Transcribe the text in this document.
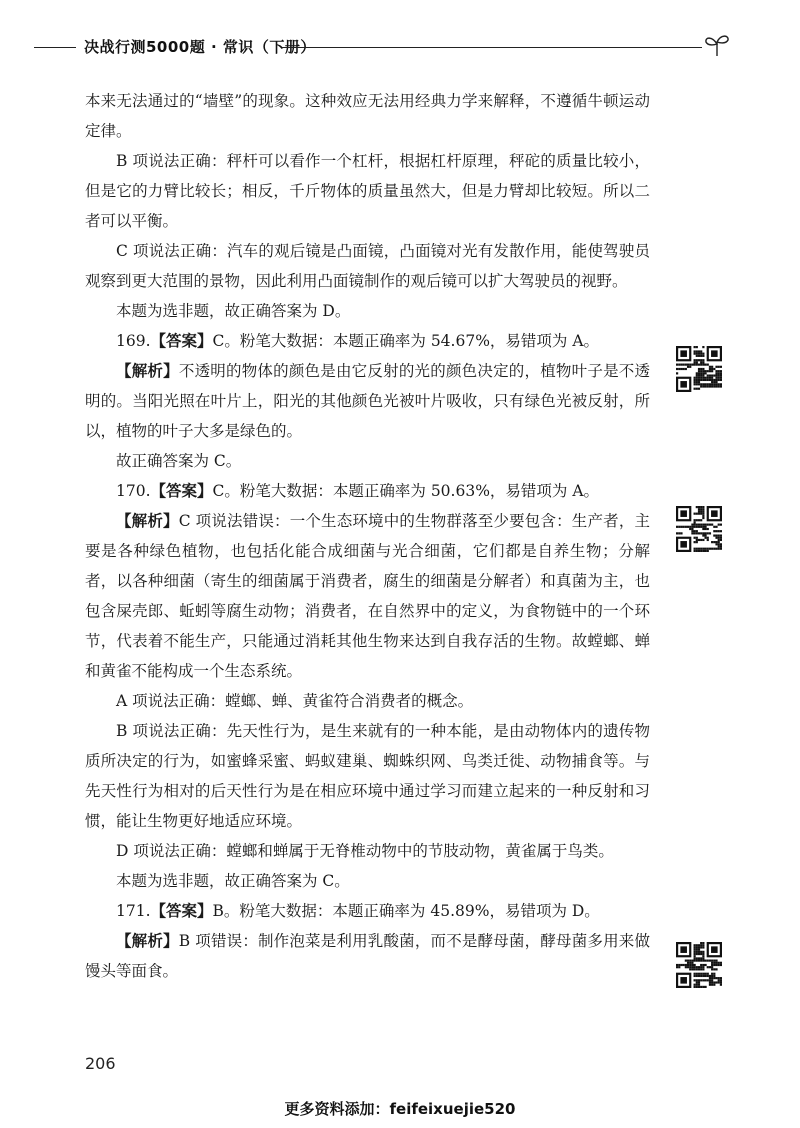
决战行测5000题 · 常识（下册）

本来无法通过的“墙壁”的现象。这种效应无法用经典力学来解释，不遵循牛顿运动定律。

B 项说法正确：秤杆可以看作一个杠杆，根据杠杆原理，秤砣的质量比较小，但是它的力臂比较长；相反，千斤物体的质量虽然大，但是力臂却比较短。所以二者可以平衡。

C 项说法正确：汽车的观后镜是凸面镜，凸面镜对光有发散作用，能使驾驶员观察到更大范围的景物，因此利用凸面镜制作的观后镜可以扩大驾驶员的视野。

本题为选非题，故正确答案为 D。

169.【答案】C。粉笔大数据：本题正确率为 54.67%，易错项为 A。

【解析】不透明的物体的颜色是由它反射的光的颜色决定的，植物叶子是不透明的。当阳光照在叶片上，阳光的其他颜色光被叶片吸收，只有绿色光被反射，所以，植物的叶子大多是绿色的。

故正确答案为 C。

170.【答案】C。粉笔大数据：本题正确率为 50.63%，易错项为 A。

【解析】C 项说法错误：一个生态环境中的生物群落至少要包含：生产者，主要是各种绿色植物，也包括化能合成细菌与光合细菌，它们都是自养生物；分解者，以各种细菌（寄生的细菌属于消费者，腐生的细菌是分解者）和真菌为主，也包含屎壳郎、蚯蚓等腐生动物；消费者，在自然界中的定义，为食物链中的一个环节，代表着不能生产，只能通过消耗其他生物来达到自我存活的生物。故螳螂、蝉和黄雀不能构成一个生态系统。

A 项说法正确：螳螂、蝉、黄雀符合消费者的概念。

B 项说法正确：先天性行为，是生来就有的一种本能，是由动物体内的遗传物质所决定的行为，如蜜蜂采蜜、蚂蚁建巢、蜘蛛织网、鸟类迁徙、动物捕食等。与先天性行为相对的后天性行为是在相应环境中通过学习而建立起来的一种反射和习惯，能让生物更好地适应环境。

D 项说法正确：螳螂和蝉属于无脊椎动物中的节肢动物，黄雀属于鸟类。

本题为选非题，故正确答案为 C。

171.【答案】B。粉笔大数据：本题正确率为 45.89%，易错项为 D。

【解析】B 项错误：制作泡菜是利用乳酸菌，而不是酵母菌，酵母菌多用来做馒头等面食。

206
更多资料添加：feifeixuejie520
